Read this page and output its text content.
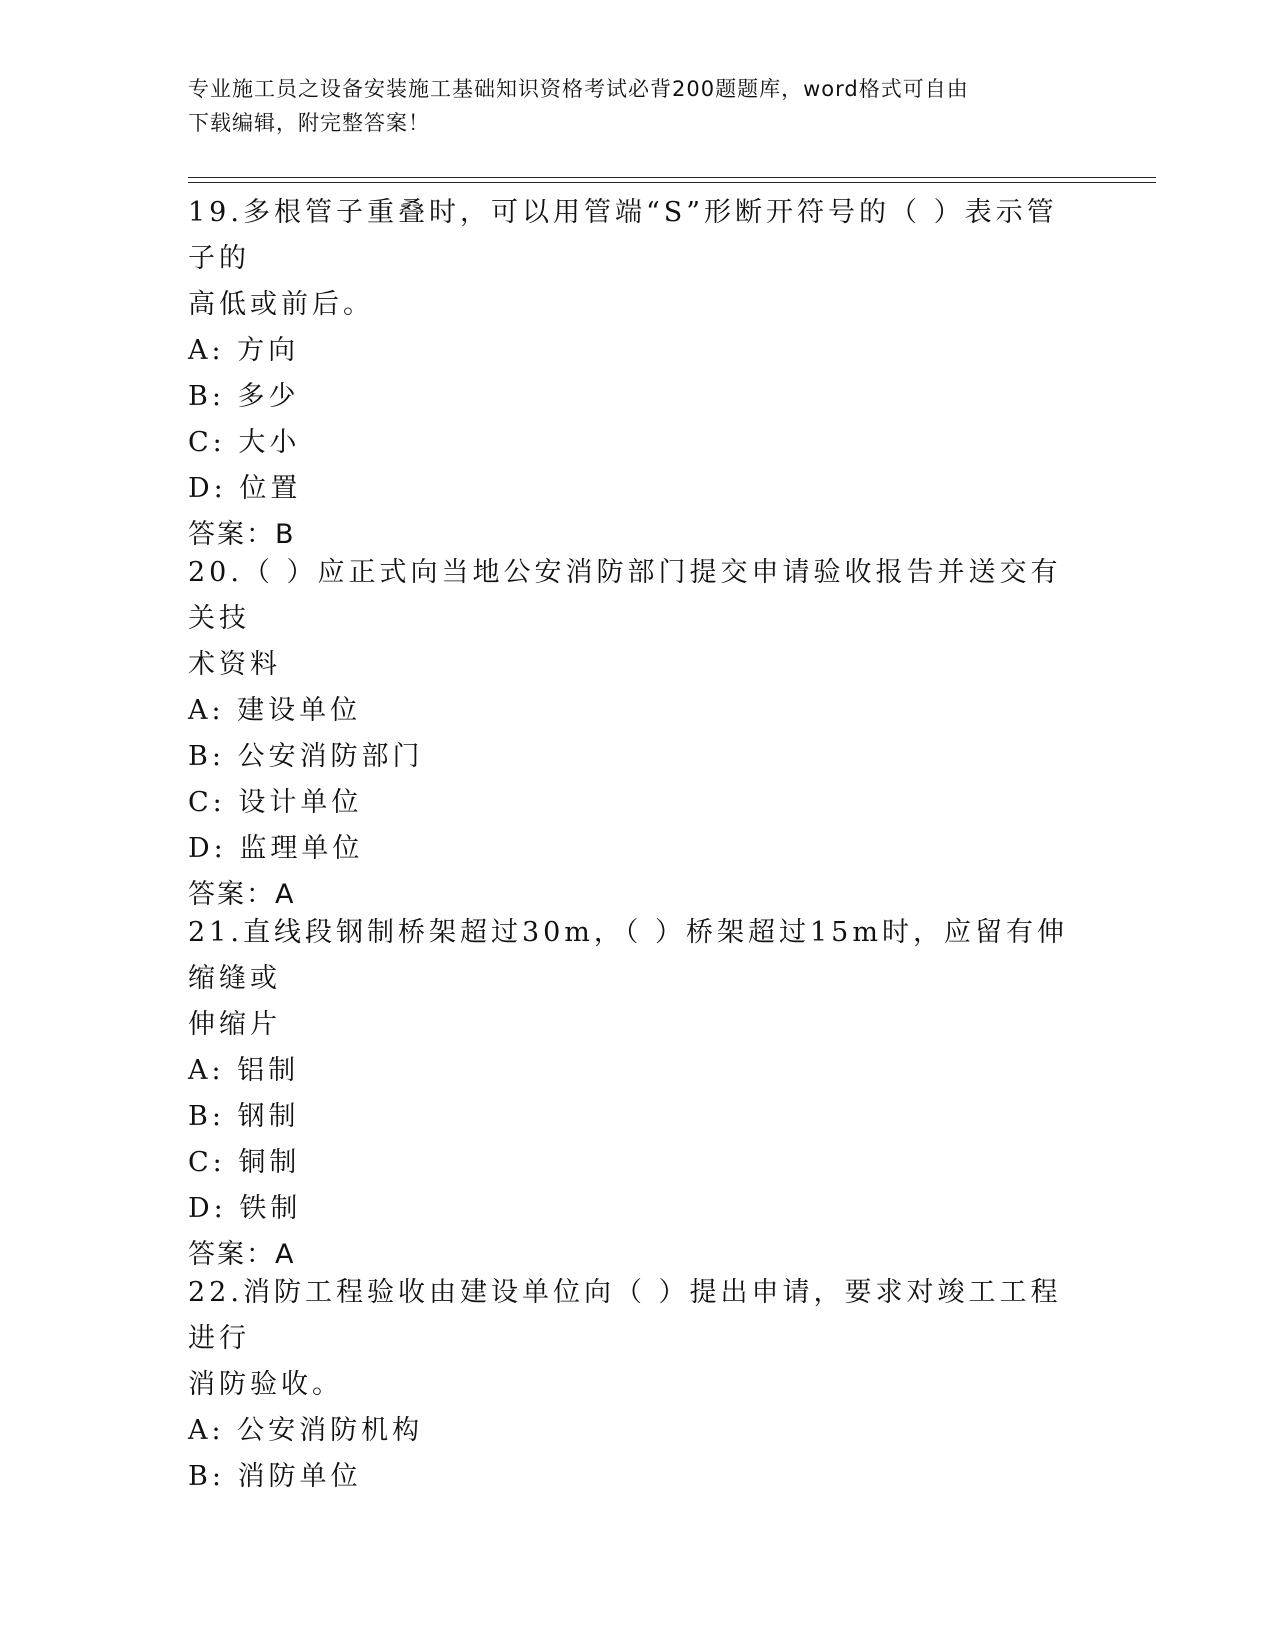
专业施工员之设备安装施工基础知识资格考试必背200题题库，word格式可自由
下载编辑，附完整答案！

19.多根管子重叠时，可以用管端“S”形断开符号的（ ）表示管子的

高低或前后。

A: 方向

B: 多少

C: 大小

D: 位置

答案：B

20.（ ）应正式向当地公安消防部门提交申请验收报告并送交有关技

术资料

A: 建设单位

B: 公安消防部门

C: 设计单位

D: 监理单位

答案：A

21.直线段钢制桥架超过30m，（ ）桥架超过15m时，应留有伸缩缝或

伸缩片

A: 铝制

B: 钢制

C: 铜制

D: 铁制

答案：A

22.消防工程验收由建设单位向（ ）提出申请，要求对竣工工程进行

消防验收。

A: 公安消防机构

B: 消防单位
